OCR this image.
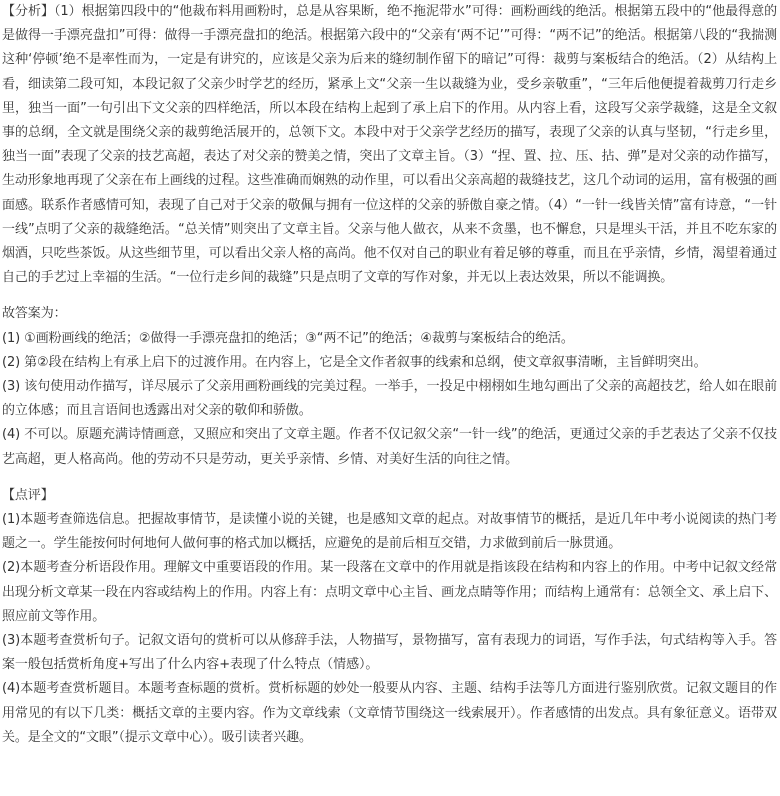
【分析】（1）根据第四段中的“他裁布料用画粉时，总是从容果断，绝不拖泥带水”可得：画粉画线的绝活。根据第五段中的“他最得意的是做得一手漂亮盘扣”可得：做得一手漂亮盘扣的绝活。根据第六段中的“父亲有‘两不记’”可得：“两不记”的绝活。根据第八段的“我揣测这种‘停顿’绝不是率性而为，一定是有讲究的，应该是父亲为后来的缝纫制作留下的暗记”可得：裁剪与案板结合的绝活。（2）从结构上看，细读第二段可知，本段记叙了父亲少时学艺的经历，紧承上文“父亲一生以裁缝为业，受乡亲敬重”，“三年后他便提着裁剪刀行走乡里，独当一面”一句引出下文父亲的四样绝活，所以本段在结构上起到了承上启下的作用。从内容上看，这段写父亲学裁缝，这是全文叙事的总纲，全文就是围绕父亲的裁剪绝活展开的，总领下文。本段中对于父亲学艺经历的描写，表现了父亲的认真与坚韧，“行走乡里，独当一面”表现了父亲的技艺高超，表达了对父亲的赞美之情，突出了文章主旨。（3）“捏、置、拉、压、拈、弹”是对父亲的动作描写，生动形象地再现了父亲在布上画线的过程。这些准确而娴熟的动作里，可以看出父亲高超的裁缝技艺，这几个动词的运用，富有极强的画面感。联系作者感情可知，表现了自己对于父亲的敬佩与拥有一位这样的父亲的骄傲自豪之情。（4）“一针一线皆关情”富有诗意，“一针一线”点明了父亲的裁缝绝活。“总关情”则突出了文章主旨。父亲与他人做衣，从来不贪墨，也不懈怠，只是埋头干活，并且不吃东家的烟酒，只吃些茶饭。从这些细节里，可以看出父亲人格的高尚。他不仅对自己的职业有着足够的尊重，而且在乎亲情，乡情，渴望着通过自己的手艺过上幸福的生活。“一位行走乡间的裁缝”只是点明了文章的写作对象，并无以上表达效果，所以不能调换。

故答案为：

(1) ①画粉画线的绝活；②做得一手漂亮盘扣的绝活；③“两不记”的绝活；④裁剪与案板结合的绝活。

(2) 第②段在结构上有承上启下的过渡作用。在内容上，它是全文作者叙事的线索和总纲，使文章叙事清晰，主旨鲜明突出。

(3) 该句使用动作描写，详尽展示了父亲用画粉画线的完美过程。一举手，一投足中栩栩如生地勾画出了父亲的高超技艺，给人如在眼前的立体感；而且言语间也透露出对父亲的敬仰和骄傲。

(4) 不可以。原题充满诗情画意，又照应和突出了文章主题。作者不仅记叙父亲“一针一线”的绝活，更通过父亲的手艺表达了父亲不仅技艺高超，更人格高尚。他的劳动不只是劳动，更关乎亲情、乡情、对美好生活的向往之情。

【点评】

(1)本题考查筛选信息。把握故事情节，是读懂小说的关键，也是感知文章的起点。对故事情节的概括，是近几年中考小说阅读的热门考题之一。学生能按何时何地何人做何事的格式加以概括，应避免的是前后相互交错，力求做到前后一脉贯通。

(2)本题考查分析语段作用。理解文中重要语段的作用。某一段落在文章中的作用就是指该段在结构和内容上的作用。中考中记叙文经常出现分析文章某一段在内容或结构上的作用。内容上有：点明文章中心主旨、画龙点睛等作用；而结构上通常有：总领全文、承上启下、照应前文等作用。

(3)本题考查赏析句子。记叙文语句的赏析可以从修辞手法，人物描写，景物描写，富有表现力的词语，写作手法，句式结构等入手。答案一般包括赏析角度+写出了什么内容+表现了什么特点（情感）。

(4)本题考查赏析题目。本题考查标题的赏析。赏析标题的妙处一般要从内容、主题、结构手法等几方面进行鉴别欣赏。记叙文题目的作用常见的有以下几类：概括文章的主要内容。作为文章线索（文章情节围绕这一线索展开）。作者感情的出发点。具有象征意义。语带双关。是全文的“文眼”（提示文章中心）。吸引读者兴趣。
